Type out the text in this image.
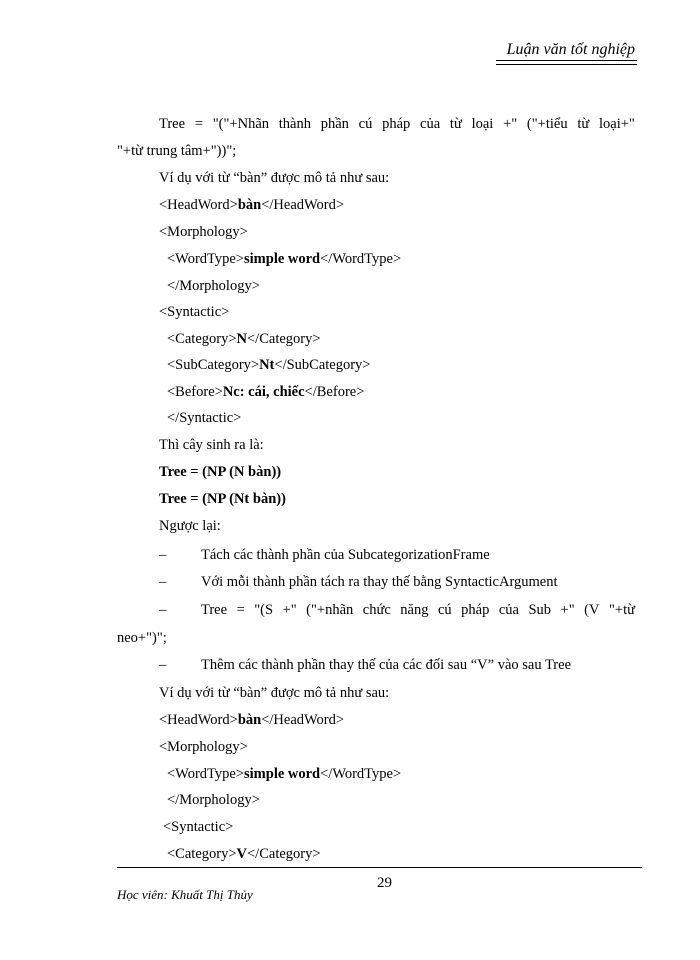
Luận văn tốt nghiệp
Tree = "("+Nhãn thành phần cú pháp của từ loại +" ("+tiểu từ loại+"
"+từ trung tâm+"))";
Ví dụ với từ “bàn” được mô tả như sau:
<HeadWord>bàn</HeadWord>
<Morphology>
<WordType>simple word</WordType>
</Morphology>
<Syntactic>
<Category>N</Category>
<SubCategory>Nt</SubCategory>
<Before>Nc: cái, chiếc</Before>
</Syntactic>
Thì cây sinh ra là:
Tree = (NP (N bàn))
Tree = (NP (Nt bàn))
Ngược lại:
– Tách các thành phần của SubcategorizationFrame
– Với mỗi thành phần tách ra thay thế bằng SyntacticArgument
– Tree = "(S +" ("+nhãn chức năng cú pháp của Sub +" (V "+từ
neo+")";
– Thêm các thành phần thay thế của các đối sau “V” vào sau Tree
Ví dụ với từ “bàn” được mô tả như sau:
<HeadWord>bàn</HeadWord>
<Morphology>
<WordType>simple word</WordType>
</Morphology>
<Syntactic>
<Category>V</Category>
29
Học viên: Khuất Thị Thủy
